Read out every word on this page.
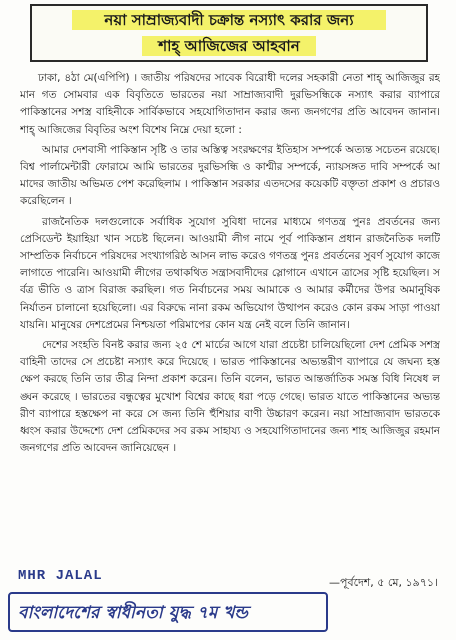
নয়া সাম্রাজ্যবাদী চক্রান্ত নস্যাৎ করার জন্য
শাহ্‌ আজিজের আহবান

ঢাকা, ৪ঠা মে(এপিপি) । জাতীয় পরিষদের সাবেক বিরোধী দলের সহকারী নেতা শাহ্‌ আজিজুর রহমান গত সোমবার এক বিবৃতিতে ভারতের নয়া সাম্রাজ্যবাদী দুরভিসন্ধিকে নস্যাৎ করার ব্যাপারে পাকিস্তানের সশস্ত্র বাহিনীকে সার্বিকভাবে সহযোগিতাদান করার জন্য জনগণের প্রতি আবেদন জানান। শাহ্‌ আজিজের বিবৃতির অংশ বিশেষ নিম্নে দেয়া হলো :

আমার দেশবাসী পাকিস্তান সৃষ্টি ও তার অস্তিত্ব সংরক্ষণের ইতিহাস সম্পর্কে অত্যন্ত সচেতন রয়েছে। বিশ্ব পার্লামেন্টারী ফোরামে আমি ভারতের দুরভিসন্ধি ও কাশ্মীর সম্পর্কে, ন্যায়সঙ্গত দাবি সম্পর্কে আমাদের জাতীয় অভিমত পেশ করেছিলাম । পাকিস্তান সরকার এতদসের কয়েকটি বক্তৃতা প্রকাশ ও প্রচারও করেছিলেন ।

রাজনৈতিক দলগুলোকে সর্বাধিক সুযোগ সুবিধা দানের মাধ্যমে গণতন্ত্র পুনঃ প্রবর্তনের জন্য প্রেসিডেন্ট ইয়াহিয়া খান সচেষ্ট ছিলেন। আওয়ামী লীগ নামে পূর্ব পাকিস্তান প্রধান রাজনৈতিক দলটি সাম্প্রতিক নির্বাচনে পরিষদের সংখ্যাগরিষ্ঠ আসন লাভ করেও গণতন্ত্র পুনঃ প্রবর্তনের সুবর্ণ সুযোগ কাজে লাগাতে পারেনি। আওয়ামী লীগের তথাকথিত সন্ত্রাসবাদীদের স্লোগানে এখানে ত্রাসের সৃষ্টি হয়েছিল। সর্বত্র ভীতি ও ত্রাস বিরাজ করছিল। গত নির্বাচনের সময় আমাকে ও আমার কর্মীদের উপর অমানুষিক নির্যাতন চালানো হয়েছিলো। এর বিরুদ্ধে নানা রকম অভিযোগ উত্থাপন করেও কোন রকম সাড়া পাওয়া যায়নি। মানুষের দেশপ্রেমের নিশ্চয়তা পরিমাপের কোন যন্ত্র নেই বলে তিনি জানান।

দেশের সংহতি বিনষ্ট করার জন্য ২৫ শে মার্চের আগে যারা প্রচেষ্টা চালিয়েছিলো দেশ প্রেমিক সশস্ত্র বাহিনী তাদের সে প্রচেষ্টা নস্যাৎ করে দিয়েছে । ভারত পাকিস্তানের অভ্যন্তরীণ ব্যাপারে যে জঘন্য হস্তক্ষেপ করছে তিনি তার তীব্র নিন্দা প্রকাশ করেন। তিনি বলেন, ভারত আন্তর্জাতিক সমস্ত বিধি নিষেধ লঙ্ঘন করেছে । ভারতের বন্ধুত্বের মুখোশ বিশ্বের কাছে ধরা পড়ে গেছে। ভারত যাতে পাকিস্তানের অভ্যন্তরীণ ব্যাপারে হস্তক্ষেপ না করে সে জন্য তিনি হুঁশিয়ার বাণী উচ্চারণ করেন। নয়া সাম্রাজ্যবাদ ভারতকে ধ্বংস করার উদ্দেশ্যে দেশ প্রেমিকদের সব রকম সাহায্য ও সহযোগিতাদানের জন্য শাহ আজিজুর রহমান জনগণের প্রতি আবেদন জানিয়েছেন ।

MHR JALAL	—পূর্বদেশ, ৫ মে, ১৯৭১।
বাংলাদেশের স্বাধীনতা যুদ্ধ ৭ম খন্ড
